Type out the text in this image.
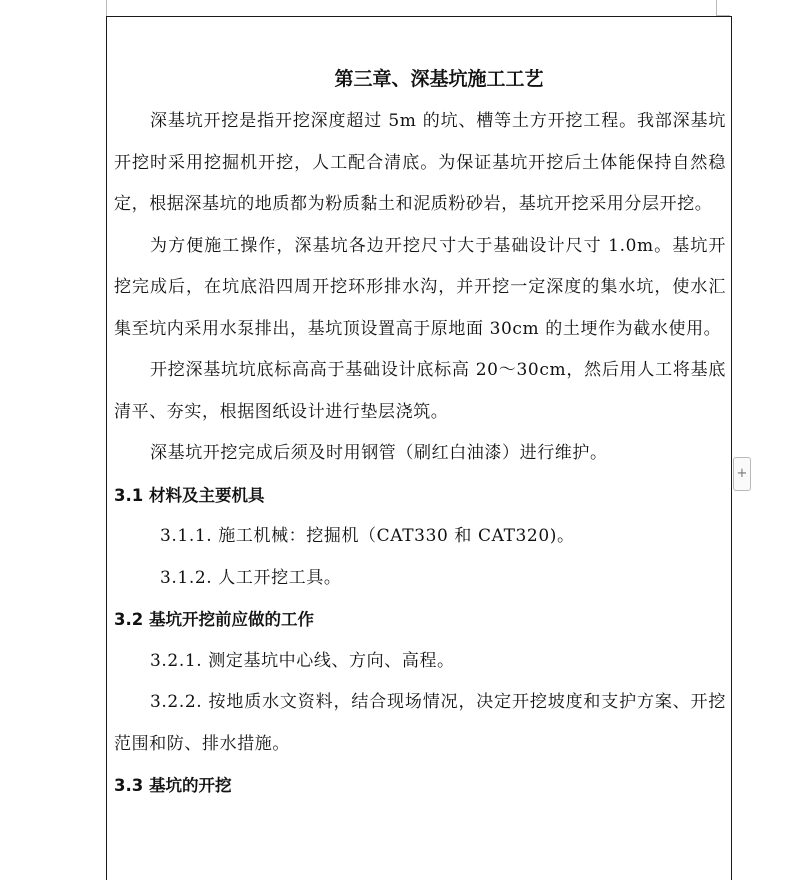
第三章、深基坑施工工艺

深基坑开挖是指开挖深度超过 5m 的坑、槽等土方开挖工程。我部深基坑开挖时采用挖掘机开挖，人工配合清底。为保证基坑开挖后土体能保持自然稳定，根据深基坑的地质都为粉质黏土和泥质粉砂岩，基坑开挖采用分层开挖。

为方便施工操作，深基坑各边开挖尺寸大于基础设计尺寸 1.0m。基坑开挖完成后，在坑底沿四周开挖环形排水沟，并开挖一定深度的集水坑，使水汇集至坑内采用水泵排出，基坑顶设置高于原地面 30cm 的土埂作为截水使用。

开挖深基坑坑底标高高于基础设计底标高 20～30cm，然后用人工将基底清平、夯实，根据图纸设计进行垫层浇筑。

深基坑开挖完成后须及时用钢管（刷红白油漆）进行维护。

3.1 材料及主要机具

3.1.1. 施工机械：挖掘机（CAT330 和 CAT320)。

3.1.2. 人工开挖工具。

3.2 基坑开挖前应做的工作

3.2.1. 测定基坑中心线、方向、高程。

3.2.2. 按地质水文资料，结合现场情况，决定开挖坡度和支护方案、开挖范围和防、排水措施。

3.3 基坑的开挖
+
